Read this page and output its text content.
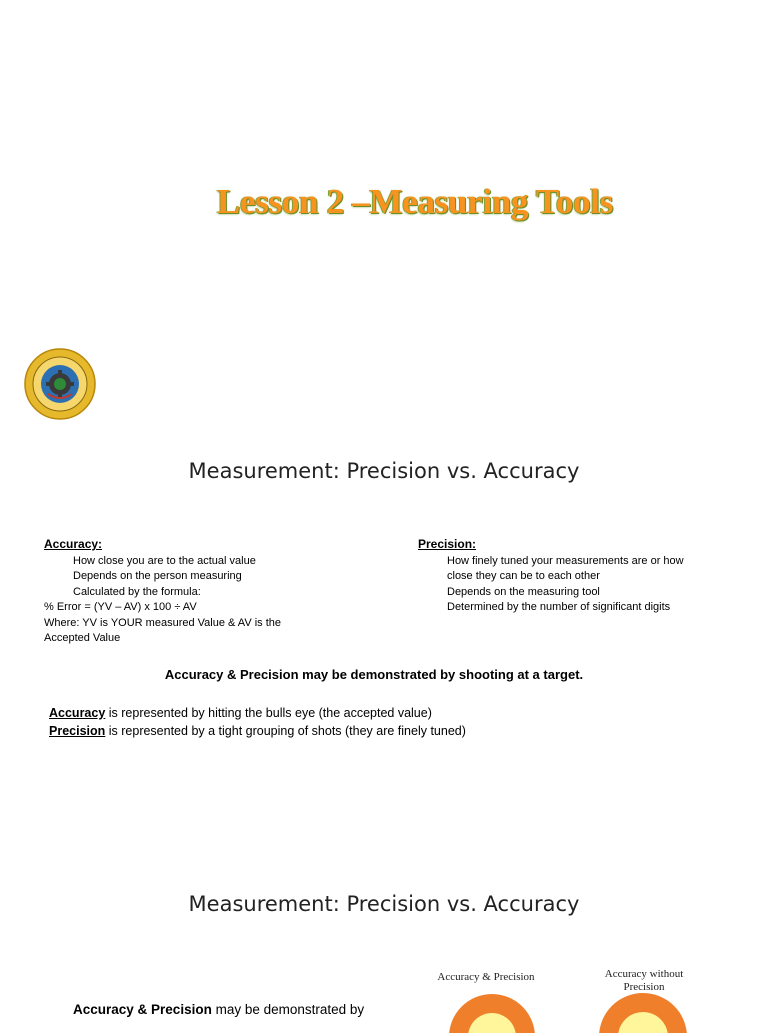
Lesson 2 –Measuring Tools
Measurement: Precision vs. Accuracy
Accuracy:
How close you are to the actual value
Depends on the person measuring
Calculated by the formula:
% Error = (YV – AV) x 100 ÷ AV
Where: YV is YOUR measured Value & AV is the
Accepted Value
Precision:
How finely tuned your measurements are or how
close they can be to each other
Depends on the measuring tool
Determined by the number of significant digits
Accuracy & Precision may be demonstrated by shooting at a target.
Accuracy is represented by hitting the bulls eye (the accepted value)
Precision is represented by a tight grouping of shots (they are finely tuned)
Measurement: Precision vs. Accuracy
Accuracy & Precision	Accuracy without
Precision
Accuracy & Precision may be demonstrated by
